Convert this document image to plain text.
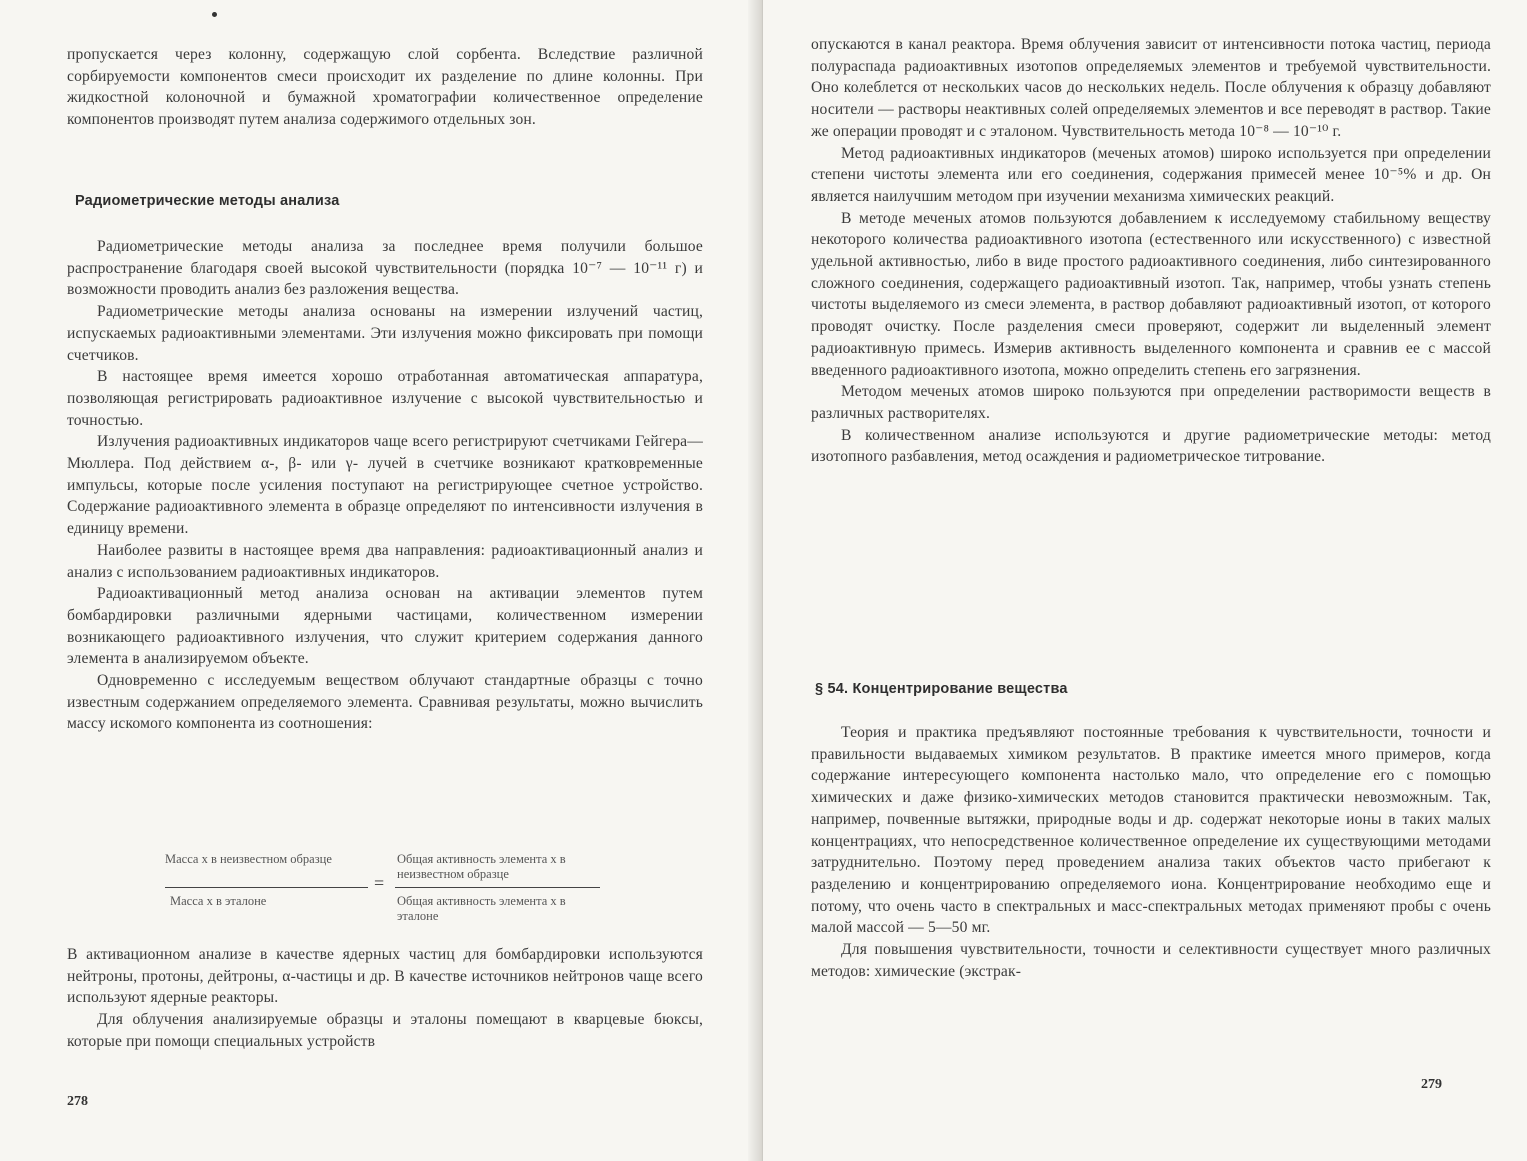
пропускается через колонну, содержащую слой сорбента. Вследствие различной сорбируемости компонентов смеси происходит их разделение по длине колонны. При жидкостной колоночной и бумажной хроматографии количественное определение компонентов производят путем анализа содержимого отдельных зон.

Радиометрические методы анализа

Радиометрические методы анализа за последнее время получили большое распространение благодаря своей высокой чувствительности (порядка 10⁻⁷ — 10⁻¹¹ г) и возможности проводить анализ без разложения вещества.

Радиометрические методы анализа основаны на измерении излучений частиц, испускаемых радиоактивными элементами. Эти излучения можно фиксировать при помощи счетчиков.

В настоящее время имеется хорошо отработанная автоматическая аппаратура, позволяющая регистрировать радиоактивное излучение с высокой чувствительностью и точностью.

Излучения радиоактивных индикаторов чаще всего регистрируют счетчиками Гейгера—Мюллера. Под действием α-, β- или γ- лучей в счетчике возникают кратковременные импульсы, которые после усиления поступают на регистрирующее счетное устройство. Содержание радиоактивного элемента в образце определяют по интенсивности излучения в единицу времени.

Наиболее развиты в настоящее время два направления: радиоактивационный анализ и анализ с использованием радиоактивных индикаторов.

Радиоактивационный метод анализа основан на активации элементов путем бомбардировки различными ядерными частицами, количественном измерении возникающего радиоактивного излучения, что служит критерием содержания данного элемента в анализируемом объекте.

Одновременно с исследуемым веществом облучают стандартные образцы с точно известным содержанием определяемого элемента. Сравнивая результаты, можно вычислить массу искомого компонента из соотношения:

Масса x в неизвестном образце
=
Общая активность элемента x в неизвестном образце
Масса x в эталоне	Общая активность элемента x в эталоне

В активационном анализе в качестве ядерных частиц для бомбардировки используются нейтроны, протоны, дейтроны, α-частицы и др. В качестве источников нейтронов чаще всего используют ядерные реакторы.

Для облучения анализируемые образцы и эталоны помещают в кварцевые бюксы, которые при помощи специальных устройств

278

опускаются в канал реактора. Время облучения зависит от интенсивности потока частиц, периода полураспада радиоактивных изотопов определяемых элементов и требуемой чувствительности. Оно колеблется от нескольких часов до нескольких недель. После облучения к образцу добавляют носители — растворы неактивных солей определяемых элементов и все переводят в раствор. Такие же операции проводят и с эталоном. Чувствительность метода 10⁻⁸ — 10⁻¹⁰ г.

Метод радиоактивных индикаторов (меченых атомов) широко используется при определении степени чистоты элемента или его соединения, содержания примесей менее 10⁻⁵% и др. Он является наилучшим методом при изучении механизма химических реакций.

В методе меченых атомов пользуются добавлением к исследуемому стабильному веществу некоторого количества радиоактивного изотопа (естественного или искусственного) с известной удельной активностью, либо в виде простого радиоактивного соединения, либо синтезированного сложного соединения, содержащего радиоактивный изотоп. Так, например, чтобы узнать степень чистоты выделяемого из смеси элемента, в раствор добавляют радиоактивный изотоп, от которого проводят очистку. После разделения смеси проверяют, содержит ли выделенный элемент радиоактивную примесь. Измерив активность выделенного компонента и сравнив ее с массой введенного радиоактивного изотопа, можно определить степень его загрязнения.

Методом меченых атомов широко пользуются при определении растворимости веществ в различных растворителях.

В количественном анализе используются и другие радиометрические методы: метод изотопного разбавления, метод осаждения и радиометрическое титрование.

§ 54. Концентрирование вещества

Теория и практика предъявляют постоянные требования к чувствительности, точности и правильности выдаваемых химиком результатов. В практике имеется много примеров, когда содержание интересующего компонента настолько мало, что определение его с помощью химических и даже физико-химических методов становится практически невозможным. Так, например, почвенные вытяжки, природные воды и др. содержат некоторые ионы в таких малых концентрациях, что непосредственное количественное определение их существующими методами затруднительно. Поэтому перед проведением анализа таких объектов часто прибегают к разделению и концентрированию определяемого иона. Концентрирование необходимо еще и потому, что очень часто в спектральных и масс-спектральных методах применяют пробы с очень малой массой — 5—50 мг.

Для повышения чувствительности, точности и селективности существует много различных методов: химические (экстрак-

279
